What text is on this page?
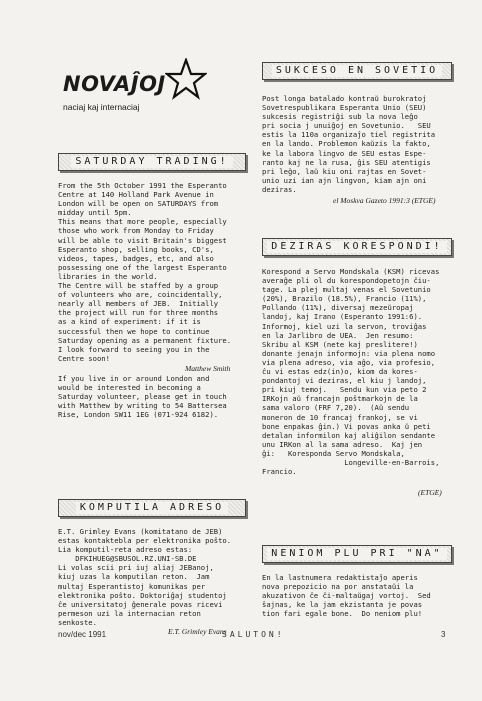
NOVAĴOJ
naciaj kaj internaciaj
SATURDAY TRADING!
From the 5th October 1991 the Esperanto
Centre at 140 Holland Park Avenue in
London will be open on SATURDAYS from
midday until 5pm.
This means that more people, especially
those who work from Monday to Friday
will be able to visit Britain's biggest
Esperanto shop, selling books, CD's,
videos, tapes, badges, etc, and also
possessing one of the largest Esperanto
libraries in the world.
The Centre will be staffed by a group
of volunteers who are, coincidentally,
nearly all members of JEB.  Initially
the project will run for three months
as a kind of experiment: if it is
successful then we hope to continue
Saturday opening as a permanent fixture.
I look forward to seeing you in the
Centre soon!
Matthew Smith
If you live in or around London and
would be interested in becoming a
Saturday volunteer, please get in touch
with Matthew by writing to 54 Battersea
Rise, London SW11 1EG (071-924 6182).
KOMPUTILA ADRESO
E.T. Grimley Evans (komitatano de JEB)
estas kontaktebla per elektronika poŝto.
Lia komputil-reta adreso estas:
DFKIHUEG@SBUSOL.RZ.UNI-SB.DE
Li volas scii pri iuj aliaj JEBanoj,
kiuj uzas la komputilan reton.  Jam
multaj Esperantistoj komunikas per
elektronika poŝto. Doktoriĝaj studentoj
ĉe universitatoj ĝenerale povas ricevi
permeson uzi la internacian reton
senkoste.
E.T. Grimley Evans
SUKCESO EN SOVETIO
Post longa batalado kontraŭ burokratoj
Sovetrespublikara Esperanta Unio (SEU)
sukcesis registriĝi sub la nova leĝo
pri socia j unuiĝoj en Sovetunio.   SEU
estis la 110a organizaĵo tiel registrita
en la lando. Problemon kaŭzis la fakto,
ke la labora lingvo de SEU estas Espe-
ranto kaj ne la rusa, ĝis SEU atentigis
pri leĝo, laŭ kiu oni rajtas en Sovet-
unio uzi ian ajn lingvon, kiam ajn oni
deziras.
el Moskva Gazeto 1991:3 (ETGE)
DEZIRAS KORESPONDI!
Korespond a Servo Mondskala (KSM) ricevas
averaĝe pli ol du korespondopetojn ĉiu-
tage. La plej multaj venas el Sovetunio
(20%), Brazilo (18.5%), Francio (11%),
Pollando (11%), diversaj mezeŭropaj
landoj, kaj Irano (Esperanto 1991:6).
Informoj, kiel uzi la servon, troviĝas
en la Jarlibro de UEA.  Jen resumo:
Skribu al KSM (nete kaj preslitere!)
donante jenajn informojn: via plena nomo
via plena adreso, via aĝo, via profesio,
ĉu vi estas edz(in)o, kiom da kores-
pondantoj vi deziras, el kiu j landoj,
pri kiuj temoj.   Sendu kun via peto 2
IRKojn aŭ francajn poŝtmarkojn de la
sama valoro (FRF 7,20).  (Aŭ sendu
moneron de 10 francaj frankoj, se vi
bone enpakas ĝin.) Vi povas anka ŭ peti
detalan informilon kaj aliĝilon sendante
unu IRKon al la sama adreso.  Kaj jen
ĝi:   Koresponda Servo Mondskala,
Longeville-en-Barrois,
Francio.
(ETGE)
NENIOM PLU PRI "NA"
En la lastnumera redaktistaĵo aperis
nova prepozicio na por anstataŭi la
akuzativon ĉe ĉi-maltaŭgaj vortoj.  Sed
ŝajnas, ke la jam ekzistanta je povas
tion fari egale bone.  Do neniom plu!
nov/dec 1991	SALUTON!	3
